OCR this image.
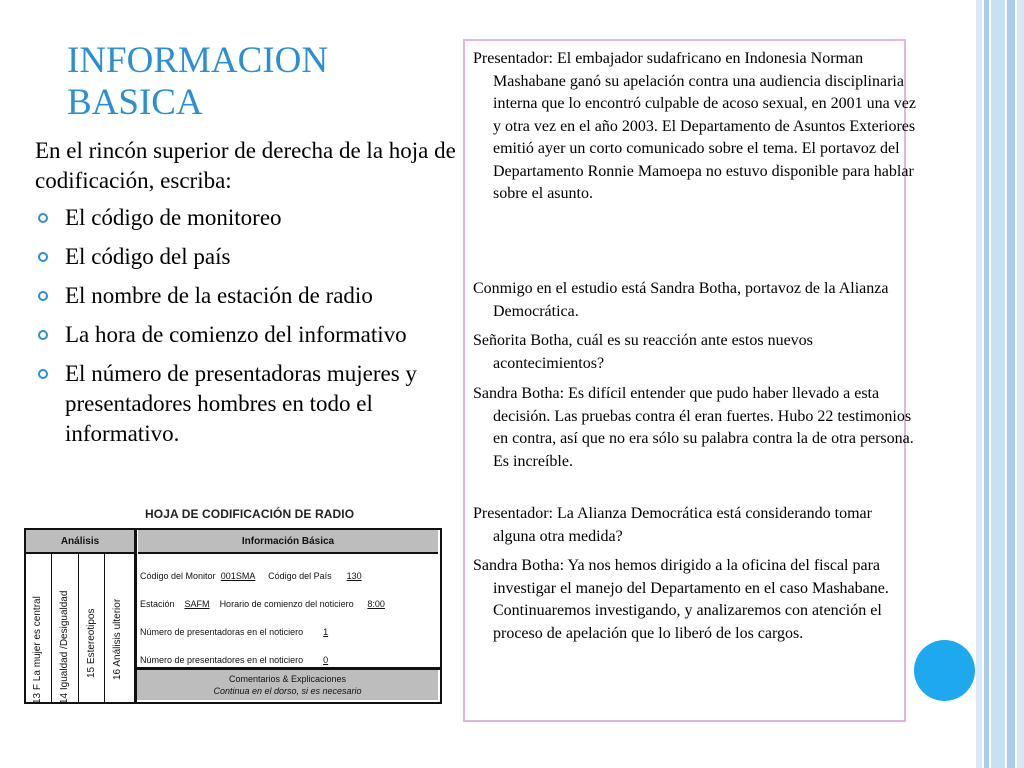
INFORMACION
BASICA

En el rincón superior de derecha de la hoja de codificación, escriba:

El código de monitoreo
El código del país
El nombre de la estación de radio
La hora de comienzo del informativo
El número de presentadoras mujeres y presentadores hombres en todo el informativo.
HOJA DE CODIFICACIÓN DE RADIO
Análisis	Información Básica
13 F La mujer es central 14 Igualdad /Desigualdad 15 Estereotipos 16 Análisis ulterior
Código del Monitor 001SMA Código del País 130
Estación SAFM Horario de comienzo del noticiero 8:00
Número de presentadoras en el noticiero 1
Número de presentadores en el noticiero 0
Comentarios & Explicaciones
Continua en el dorso, si es necesario

Presentador: El embajador sudafricano en Indonesia Norman Mashabane ganó su apelación contra una audiencia disciplinaria interna que lo encontró culpable de acoso sexual, en 2001 una vez y otra vez en el año 2003. El Departamento de Asuntos Exteriores emitió ayer un corto comunicado sobre el tema. El portavoz del Departamento Ronnie Mamoepa no estuvo disponible para hablar sobre el asunto.

Conmigo en el estudio está Sandra Botha, portavoz de la Alianza Democrática.

Señorita Botha, cuál es su reacción ante estos nuevos acontecimientos?

Sandra Botha: Es difícil entender que pudo haber llevado a esta decisión. Las pruebas contra él eran fuertes. Hubo 22 testimonios en contra, así que no era sólo su palabra contra la de otra persona. Es increíble.

Presentador: La Alianza Democrática está considerando tomar alguna otra medida?

Sandra Botha: Ya nos hemos dirigido a la oficina del fiscal para investigar el manejo del Departamento en el caso Mashabane. Continuaremos investigando, y analizaremos con atención el proceso de apelación que lo liberó de los cargos.
